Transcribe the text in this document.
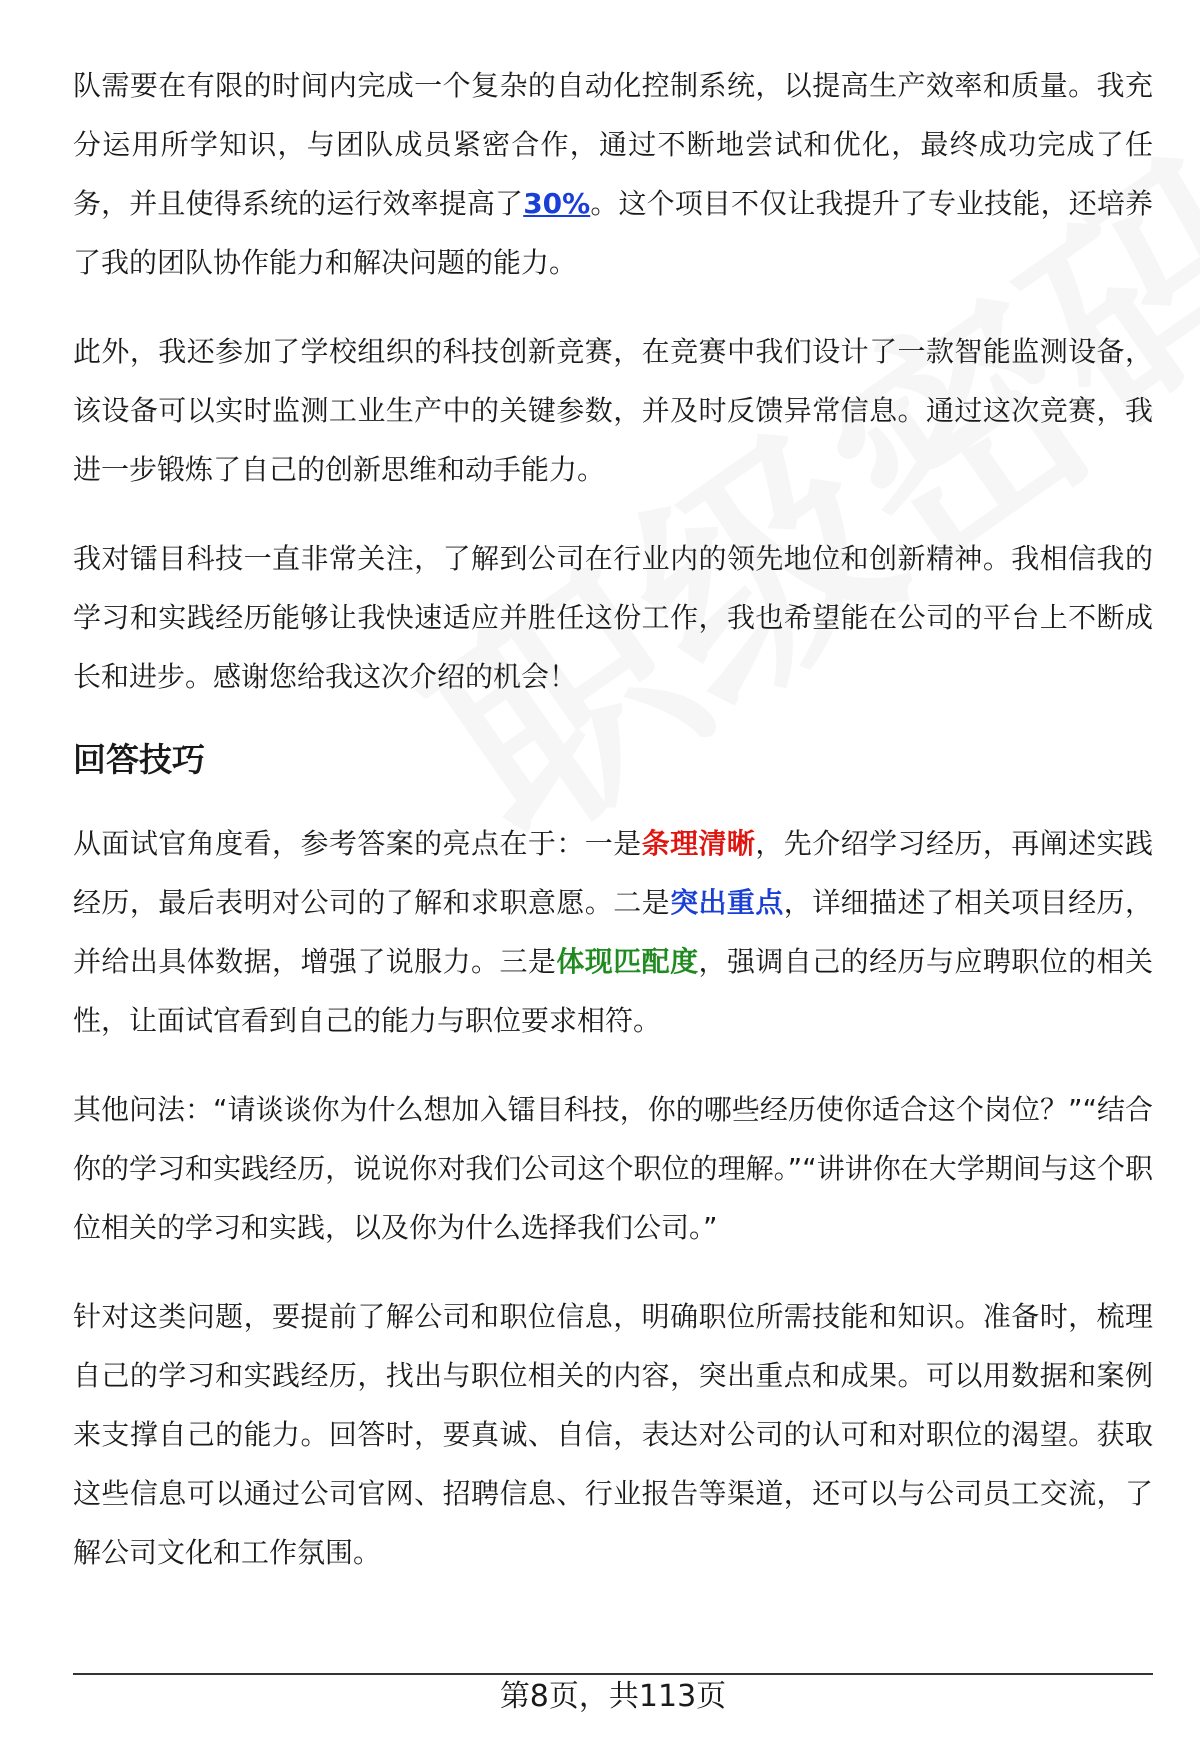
队需要在有限的时间内完成一个复杂的自动化控制系统，以提高生产效率和质量。我充分运用所学知识，与团队成员紧密合作，通过不断地尝试和优化，最终成功完成了任务，并且使得系统的运行效率提高了30%。这个项目不仅让我提升了专业技能，还培养了我的团队协作能力和解决问题的能力。

此外，我还参加了学校组织的科技创新竞赛，在竞赛中我们设计了一款智能监测设备，该设备可以实时监测工业生产中的关键参数，并及时反馈异常信息。通过这次竞赛，我进一步锻炼了自己的创新思维和动手能力。

我对镭目科技一直非常关注，了解到公司在行业内的领先地位和创新精神。我相信我的学习和实践经历能够让我快速适应并胜任这份工作，我也希望能在公司的平台上不断成长和进步。感谢您给我这次介绍的机会！

回答技巧

从面试官角度看，参考答案的亮点在于：一是条理清晰，先介绍学习经历，再阐述实践经历，最后表明对公司的了解和求职意愿。二是突出重点，详细描述了相关项目经历，并给出具体数据，增强了说服力。三是体现匹配度，强调自己的经历与应聘职位的相关性，让面试官看到自己的能力与职位要求相符。

其他问法：“请谈谈你为什么想加入镭目科技，你的哪些经历使你适合这个岗位？”“结合你的学习和实践经历，说说你对我们公司这个职位的理解。”“讲讲你在大学期间与这个职位相关的学习和实践，以及你为什么选择我们公司。”

针对这类问题，要提前了解公司和职位信息，明确职位所需技能和知识。准备时，梳理自己的学习和实践经历，找出与职位相关的内容，突出重点和成果。可以用数据和案例来支撑自己的能力。回答时，要真诚、自信，表达对公司的认可和对职位的渴望。获取这些信息可以通过公司官网、招聘信息、行业报告等渠道，还可以与公司员工交流，了解公司文化和工作氛围。

第8页，共113页
